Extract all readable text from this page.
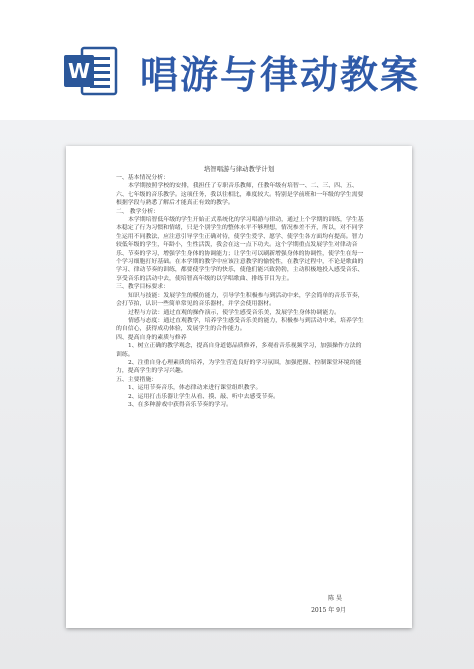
W 唱游与律动教案
培智唱游与律动教学计划

一、基本情况分析：

本学期按照学校的安排，我担任了专职音乐教师，任教年级有培智一、二、三、四、五、六、七年级的音乐教学。这项任务，我以往相比，难度较大。特别是学前班和一年级的学生需要根据学段与熟悉了解后才能真正有效的教学。

二、 教学分析：

本学期培智低年级的学生开始正式系统化的学习唱游与律动，通过上个学期的训练，学生基本稳定了行为习惯和情绪，只是个别学生的整体水平不够理想，情况参差不齐，所以，对不同学生运用不同教法，应注意引导学生正确对待，使学生爱学、愿学、使学生各方面均有提高。智力较低年级的学生，年龄小，生性活泼，我会在这一点下功夫。这个学期重点发展学生对律动音乐、节奏的学习，增强学生身体的协调能力；让学生可以刷新增强身体的协调性，使学生在每一个学习细胞打好基础。在本学期的教学中应该注意教学的愉悦性，在教学过程中，不论是歌曲的学习、律动节奏的训练，都要使学生学的快乐，使他们能兴致勃勃，主动积极地投入感受音乐、享受音乐的活动中去，使培智高年级的以学唱歌曲、排练节目为主。

三、教学目标要求：

知识与技能：发展学生的模仿能力，引导学生积极参与到活动中来，学会简单的音乐节奏，会打节拍，认识一些简单常见的音乐器材，并学会使用器材。

过程与方法：通过直观的操作演示，使学生感受音乐美，发展学生身体协调能力。

情感与态度：通过直观教学，培养学生感受音乐美的能力，积极参与到活动中来，培养学生的自信心，获得成功体验，发展学生的合作能力。

四、提高自身的素质与修养

1、树立正确的教学观念，提高自身道德品质修养，多观看音乐视频学习，加强操作方法的训练。

2、注重自身心理素质的培养，为学生营造良好的学习氛围，加强把握、控制课堂环境的能力，提高学生的学习兴趣。

五、主要措施：

1、运用节奏音乐，体态律动来进行课堂组织教学。

2、运用打击乐器让学生从看、摸、敲、听中去感受节奏。

3、在多种游戏中获得音乐节奏的学习。

陈 昊
2015 年 9月
